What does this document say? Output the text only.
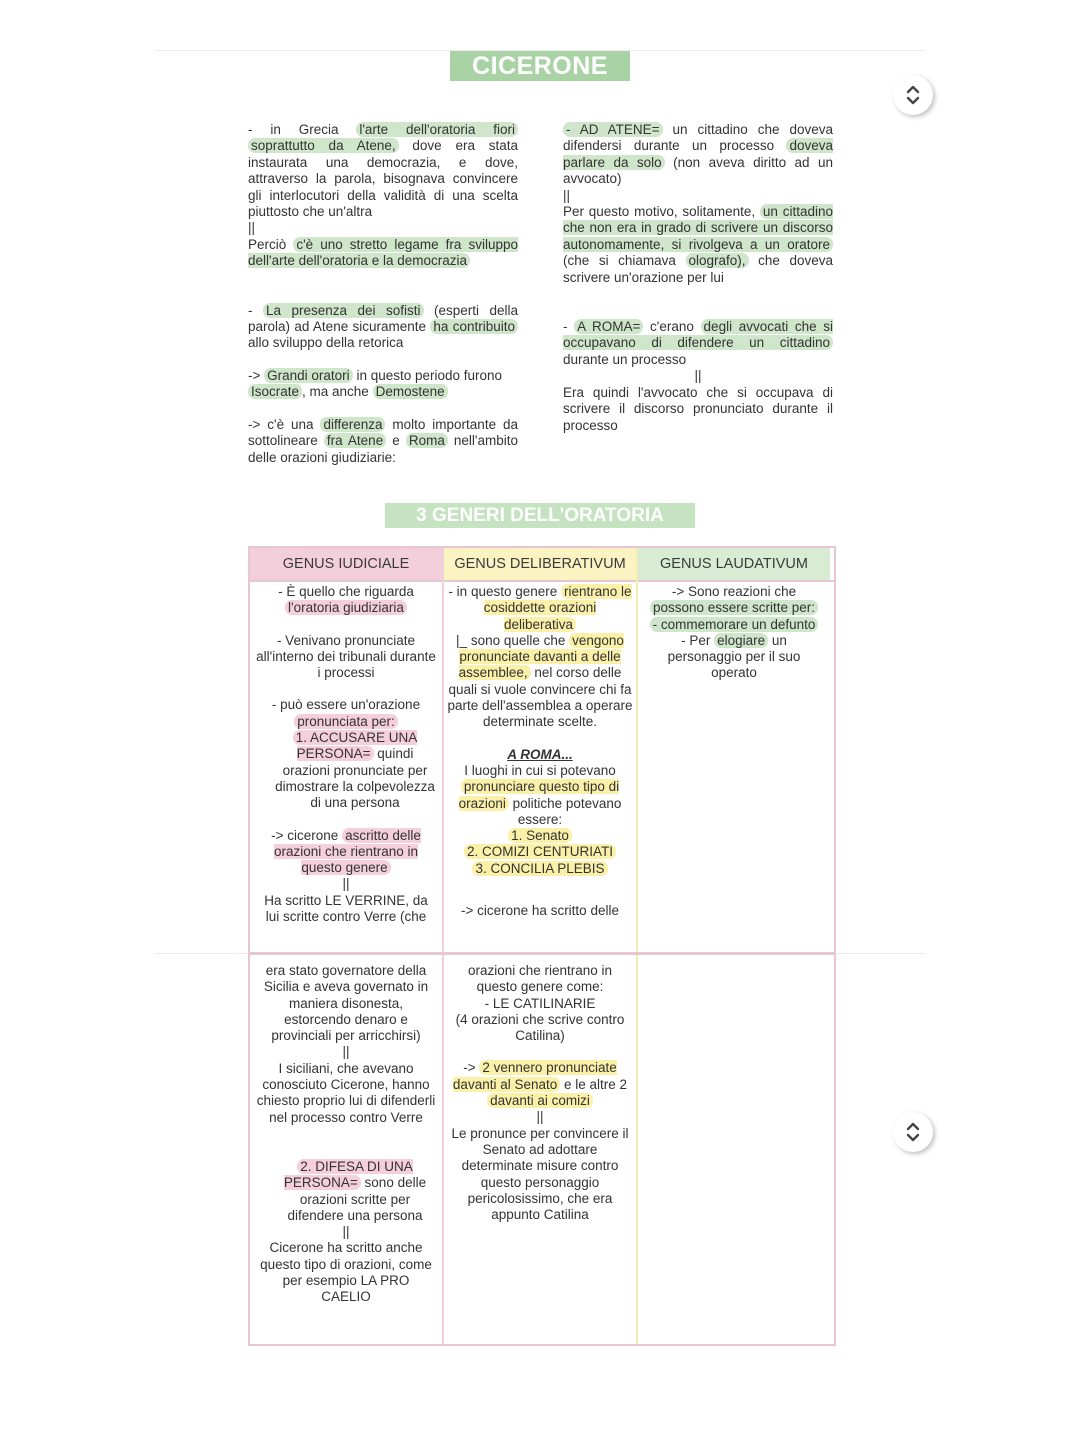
CICERONE

- in Grecia l'arte dell'oratoria fiori soprattutto da Atene, dove era stata instaurata una democrazia, e dove, attraverso la parola, bisognava convincere gli interlocutori della validità di una scelta piuttosto che un'altra

||

Perciò c'è uno stretto legame fra sviluppo dell'arte dell'oratoria e la democrazia

- La presenza dei sofisti (esperti della parola) ad Atene sicuramente ha contribuito allo sviluppo della retorica

-> Grandi oratori in questo periodo furono Isocrate , ma anche Demostene

-> c'è una differenza molto importante da sottolineare fra Atene e Roma nell'ambito delle orazioni giudiziarie:

- AD ATENE= un cittadino che doveva difendersi durante un processo doveva parlare da solo (non aveva diritto ad un avvocato)

||

Per questo motivo, solitamente, un cittadino che non era in grado di scrivere un discorso autonomamente, si rivolgeva a un oratore (che si chiamava olografo), che doveva scrivere un'orazione per lui

- A ROMA= c'erano degli avvocati che si occupavano di difendere un cittadino durante un processo

||

Era quindi l'avvocato che si occupava di scrivere il discorso pronunciato durante il processo

3 GENERI DELL'ORATORIA
GENUS IUDICIALE	GENUS DELIBERATIVUM	GENUS LAUDATIVUM

- È quello che riguarda

l'oratoria giudiziaria

- Venivano pronunciate all'interno dei tribunali durante i processi

- può essere un'orazione

pronunciata per:

1. ACCUSARE UNA PERSONA= quindi orazioni pronunciate per dimostrare la colpevolezza di una persona

-> cicerone ascritto delle orazioni che rientrano in questo genere

||

Ha scritto LE VERRINE, da lui scritte contro Verre (che

- in questo genere rientrano le cosiddette orazioni deliberativa

|_ sono quelle che vengono pronunciate davanti a delle assemblee, nel corso delle quali si vuole convincere chi fa parte dell'assemblea a operare determinate scelte.

A ROMA...

I luoghi in cui si potevano pronunciare questo tipo di orazioni politiche potevano essere:

1. Senato

2. COMIZI CENTURIATI

3. CONCILIA PLEBIS

-> cicerone ha scritto delle

-> Sono reazioni che

possono essere scritte per:

- commemorare un defunto

- Per elogiare un personaggio per il suo operato

era stato governatore della Sicilia e aveva governato in maniera disonesta, estorcendo denaro e provinciali per arricchirsi)

||

I siciliani, che avevano conosciuto Cicerone, hanno chiesto proprio lui di difenderli nel processo contro Verre

2. DIFESA DI UNA PERSONA= sono delle orazioni scritte per difendere una persona

||

Cicerone ha scritto anche questo tipo di orazioni, come per esempio LA PRO CAELIO

orazioni che rientrano in questo genere come:

- LE CATILINARIE

(4 orazioni che scrive contro Catilina)

-> 2 vennero pronunciate davanti al Senato e le altre 2 davanti ai comizi

||

Le pronunce per convincere il Senato ad adottare determinate misure contro questo personaggio pericolosissimo, che era appunto Catilina
